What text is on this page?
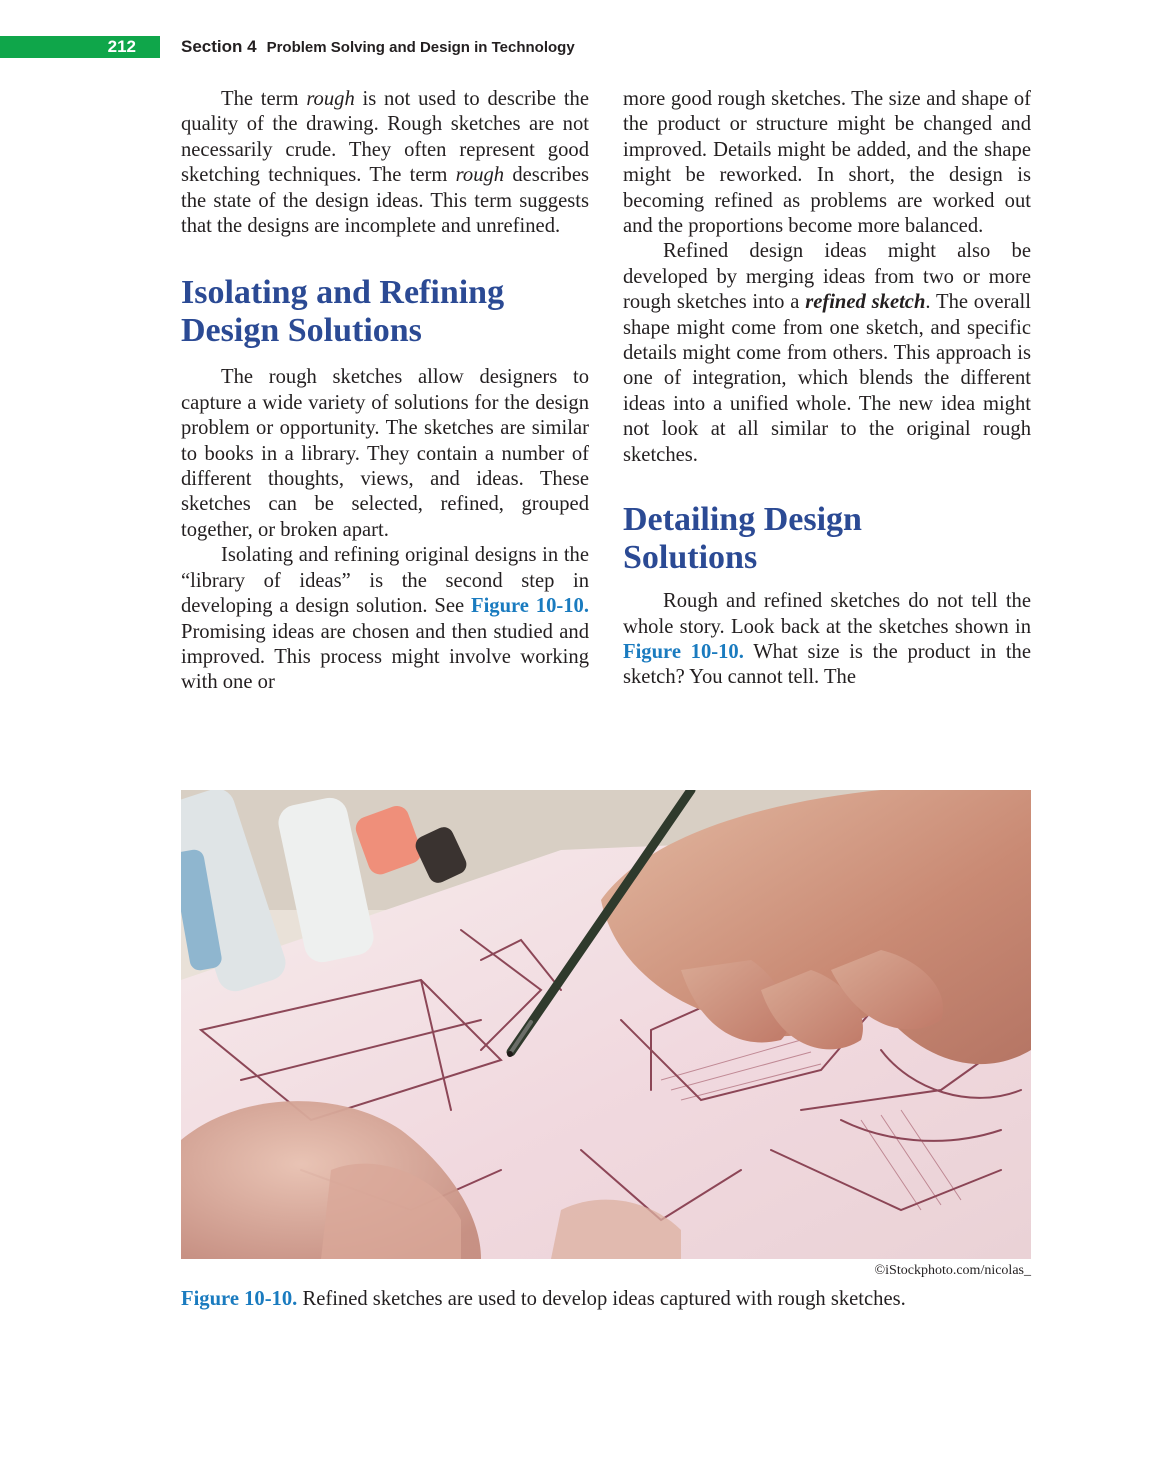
212	Section 4 Problem Solving and Design in Technology

The term rough is not used to describe the quality of the drawing. Rough sketches are not necessarily crude. They often represent good sketching techniques. The term rough describes the state of the design ideas. This term suggests that the designs are incomplete and unrefined.

Isolating and Refining
Design Solutions

The rough sketches allow designers to capture a wide variety of solutions for the design problem or opportunity. The sketches are similar to books in a library. They contain a number of different thoughts, views, and ideas. These sketches can be selected, refined, grouped together, or broken apart.

Isolating and refining original designs in the “library of ideas” is the second step in developing a design solution. See Figure 10-10. Promising ideas are chosen and then studied and improved. This process might involve working with one or

more good rough sketches. The size and shape of the product or structure might be changed and improved. Details might be added, and the shape might be reworked. In short, the design is becoming refined as problems are worked out and the proportions become more balanced.

Refined design ideas might also be developed by merging ideas from two or more rough sketches into a refined sketch. The overall shape might come from one sketch, and specific details might come from others. This approach is one of integration, which blends the different ideas into a unified whole. The new idea might not look at all similar to the original rough sketches.

Detailing Design
Solutions

Rough and refined sketches do not tell the whole story. Look back at the sketches shown in Figure 10-10. What size is the product in the sketch? You cannot tell. The

©iStockphoto.com/nicolas_
Figure 10-10. Refined sketches are used to develop ideas captured with rough sketches.
